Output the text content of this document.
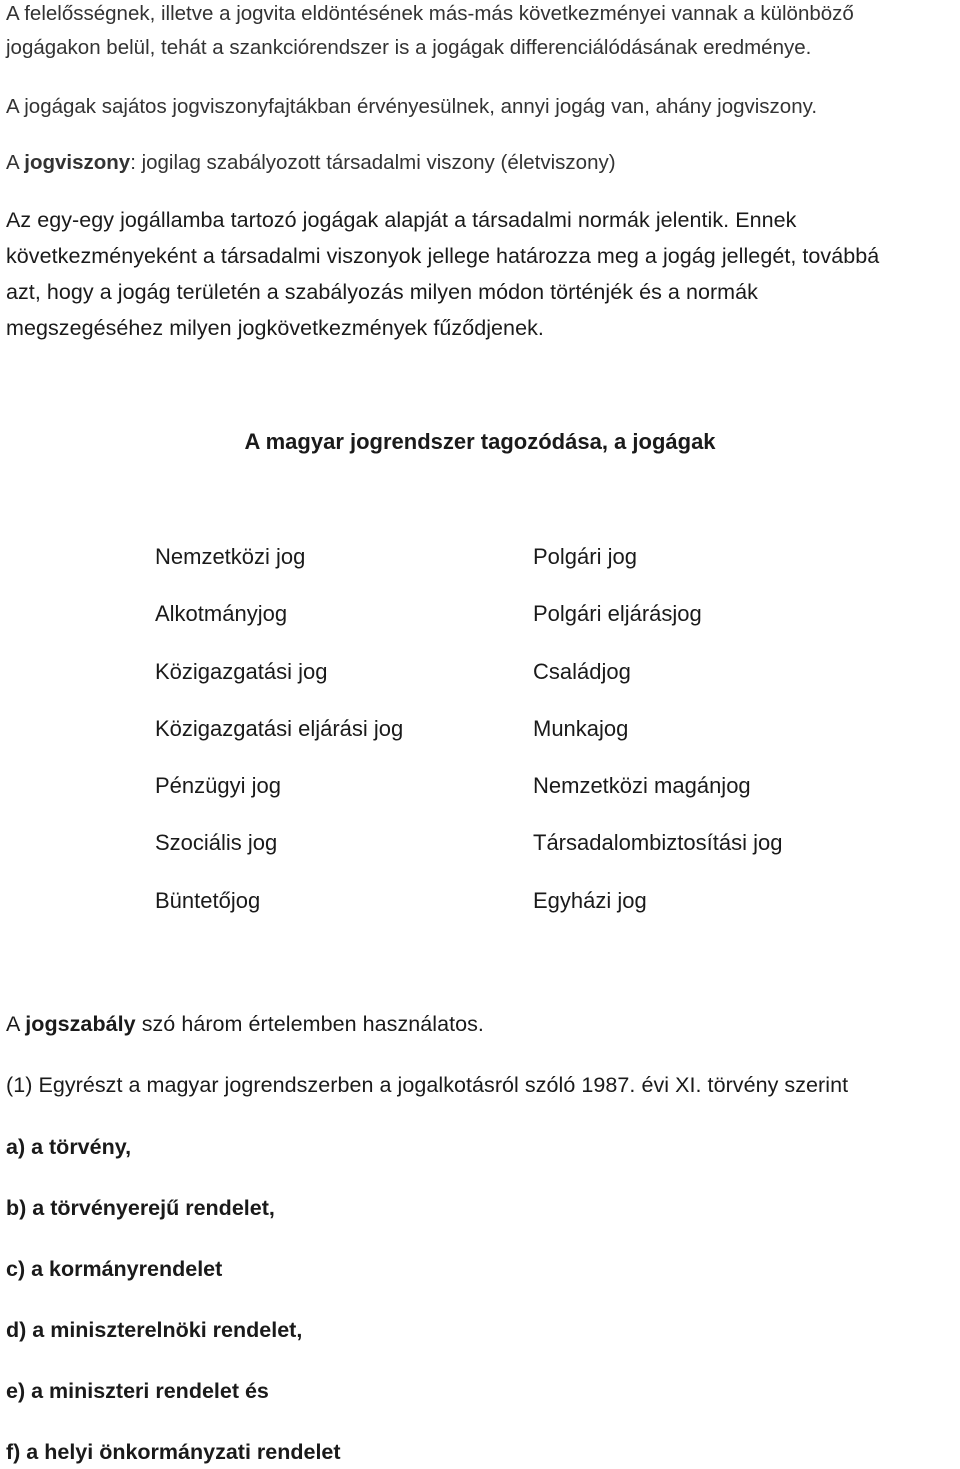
A felelősségnek, illetve a jogvita eldöntésének más-más következményei vannak a különböző
jogágakon belül, tehát a szankciórendszer is a jogágak differenciálódásának eredménye.
A jogágak sajátos jogviszonyfajtákban érvényesülnek, annyi jogág van, ahány jogviszony.
A jogviszony: jogilag szabályozott társadalmi viszony (életviszony)
Az egy-egy jogállamba tartozó jogágak alapját a társadalmi normák jelentik. Ennek
következményeként a társadalmi viszonyok jellege határozza meg a jogág jellegét, továbbá
azt, hogy a jogág területén a szabályozás milyen módon történjék és a normák
megszegéséhez milyen jogkövetkezmények fűződjenek.
A magyar jogrendszer tagozódása, a jogágak
Nemzetközi jog
Alkotmányjog
Közigazgatási jog
Közigazgatási eljárási jog
Pénzügyi jog
Szociális jog
Büntetőjog
Polgári jog
Polgári eljárásjog
Családjog
Munkajog
Nemzetközi magánjog
Társadalombiztosítási jog
Egyházi jog
A jogszabály szó három értelemben használatos.
(1) Egyrészt a magyar jogrendszerben a jogalkotásról szóló 1987. évi XI. törvény szerint
a) a törvény,
b) a törvényerejű rendelet,
c) a kormányrendelet
d) a miniszterelnöki rendelet,
e) a miniszteri rendelet és
f) a helyi önkormányzati rendelet
